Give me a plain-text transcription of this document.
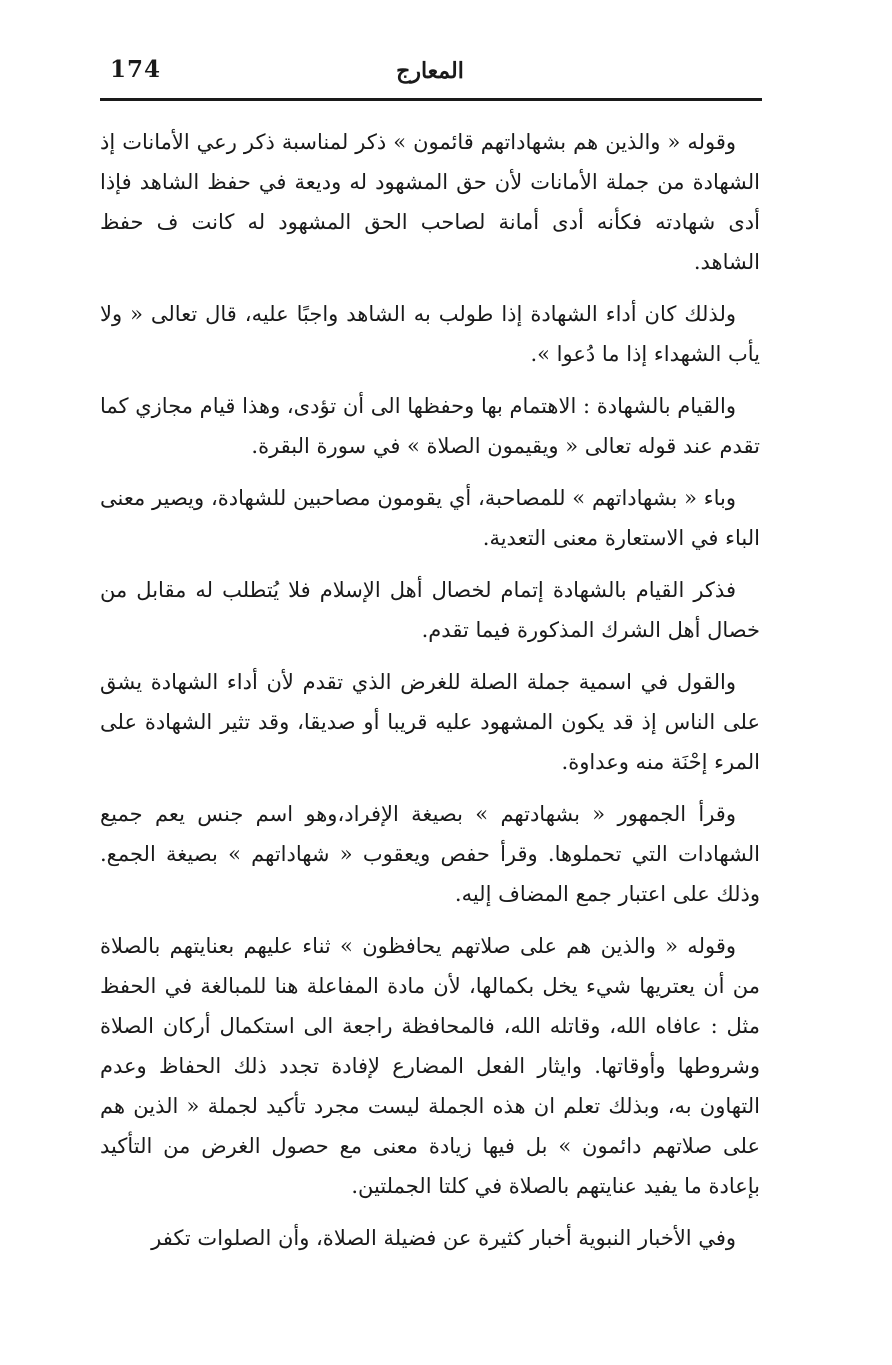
174	المعارج

وقوله « والذين هم بشهاداتهم قائمون » ذكر لمناسبة ذكر رعي الأمانات إذ الشهادة من جملة الأمانات لأن حق المشهود له وديعة في حفظ الشاهد فإذا أدى شهادته فكأنه أدى أمانة لصاحب الحق المشهود له كانت ف حفظ الشاهد.

ولذلك كان أداء الشهادة إذا طولب به الشاهد واجبًا عليه، قال تعالى « ولا يأب الشهداء إذا ما دُعوا ».

والقيام بالشهادة : الاهتمام بها وحفظها الى أن تؤدى، وهذا قيام مجازي كما تقدم عند قوله تعالى « ويقيمون الصلاة » في سورة البقرة.

وباء « بشهاداتهم » للمصاحبة، أي يقومون مصاحبين للشهادة، ويصير معنى الباء في الاستعارة معنى التعدية.

فذكر القيام بالشهادة إتمام لخصال أهل الإسلام فلا يُتطلب له مقابل من خصال أهل الشرك المذكورة فيما تقدم.

والقول في اسمية جملة الصلة للغرض الذي تقدم لأن أداء الشهادة يشق على الناس إذ قد يكون المشهود عليه قريبا أو صديقا، وقد تثير الشهادة على المرء إحْنَة منه وعداوة.

وقرأ الجمهور « بشهادتهم » بصيغة الإفراد،وهو اسم جنس يعم جميع الشهادات التي تحملوها. وقرأ حفص ويعقوب « شهاداتهم » بصيغة الجمع. وذلك على اعتبار جمع المضاف إليه.

وقوله « والذين هم على صلاتهم يحافظون » ثناء عليهم بعنايتهم بالصلاة من أن يعتريها شيء يخل بكمالها، لأن مادة المفاعلة هنا للمبالغة في الحفظ مثل : عافاه الله، وقاتله الله، فالمحافظة راجعة الى استكمال أركان الصلاة وشروطها وأوقاتها. وايثار الفعل المضارع لإفادة تجدد ذلك الحفاظ وعدم التهاون به، وبذلك تعلم ان هذه الجملة ليست مجرد تأكيد لجملة « الذين هم على صلاتهم دائمون » بل فيها زيادة معنى مع حصول الغرض من التأكيد بإعادة ما يفيد عنايتهم بالصلاة في كلتا الجملتين.

وفي الأخبار النبوية أخبار كثيرة عن فضيلة الصلاة، وأن الصلوات تكفر
